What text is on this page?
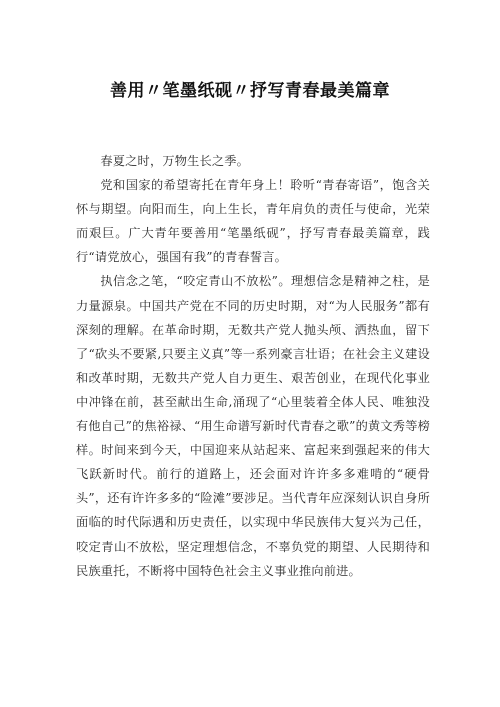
善用〃笔墨纸砚〃抒写青春最美篇章

春夏之时，万物生长之季。

党和国家的希望寄托在青年身上！聆听“青春寄语”，饱含关怀与期望。向阳而生，向上生长，青年肩负的责任与使命，光荣而艰巨。广大青年要善用“笔墨纸砚”，抒写青春最美篇章，践行“请党放心，强国有我”的青春誓言。

执信念之笔，“咬定青山不放松”。理想信念是精神之柱，是力量源泉。中国共产党在不同的历史时期，对“为人民服务”都有深刻的理解。在革命时期，无数共产党人抛头颅、洒热血，留下了“砍头不要紧,只要主义真”等一系列豪言壮语；在社会主义建设和改革时期，无数共产党人自力更生、艰苦创业，在现代化事业中冲锋在前，甚至献出生命,涌现了“心里装着全体人民、唯独没有他自己”的焦裕禄、“用生命谱写新时代青春之歌”的黄文秀等榜样。时间来到今天，中国迎来从站起来、富起来到强起来的伟大飞跃新时代。前行的道路上，还会面对许许多多难啃的“硬骨头”，还有许许多多的“险滩”要涉足。当代青年应深刻认识自身所面临的时代际遇和历史责任，以实现中华民族伟大复兴为己任，咬定青山不放松，坚定理想信念，不辜负党的期望、人民期待和民族重托，不断将中国特色社会主义事业推向前进。
